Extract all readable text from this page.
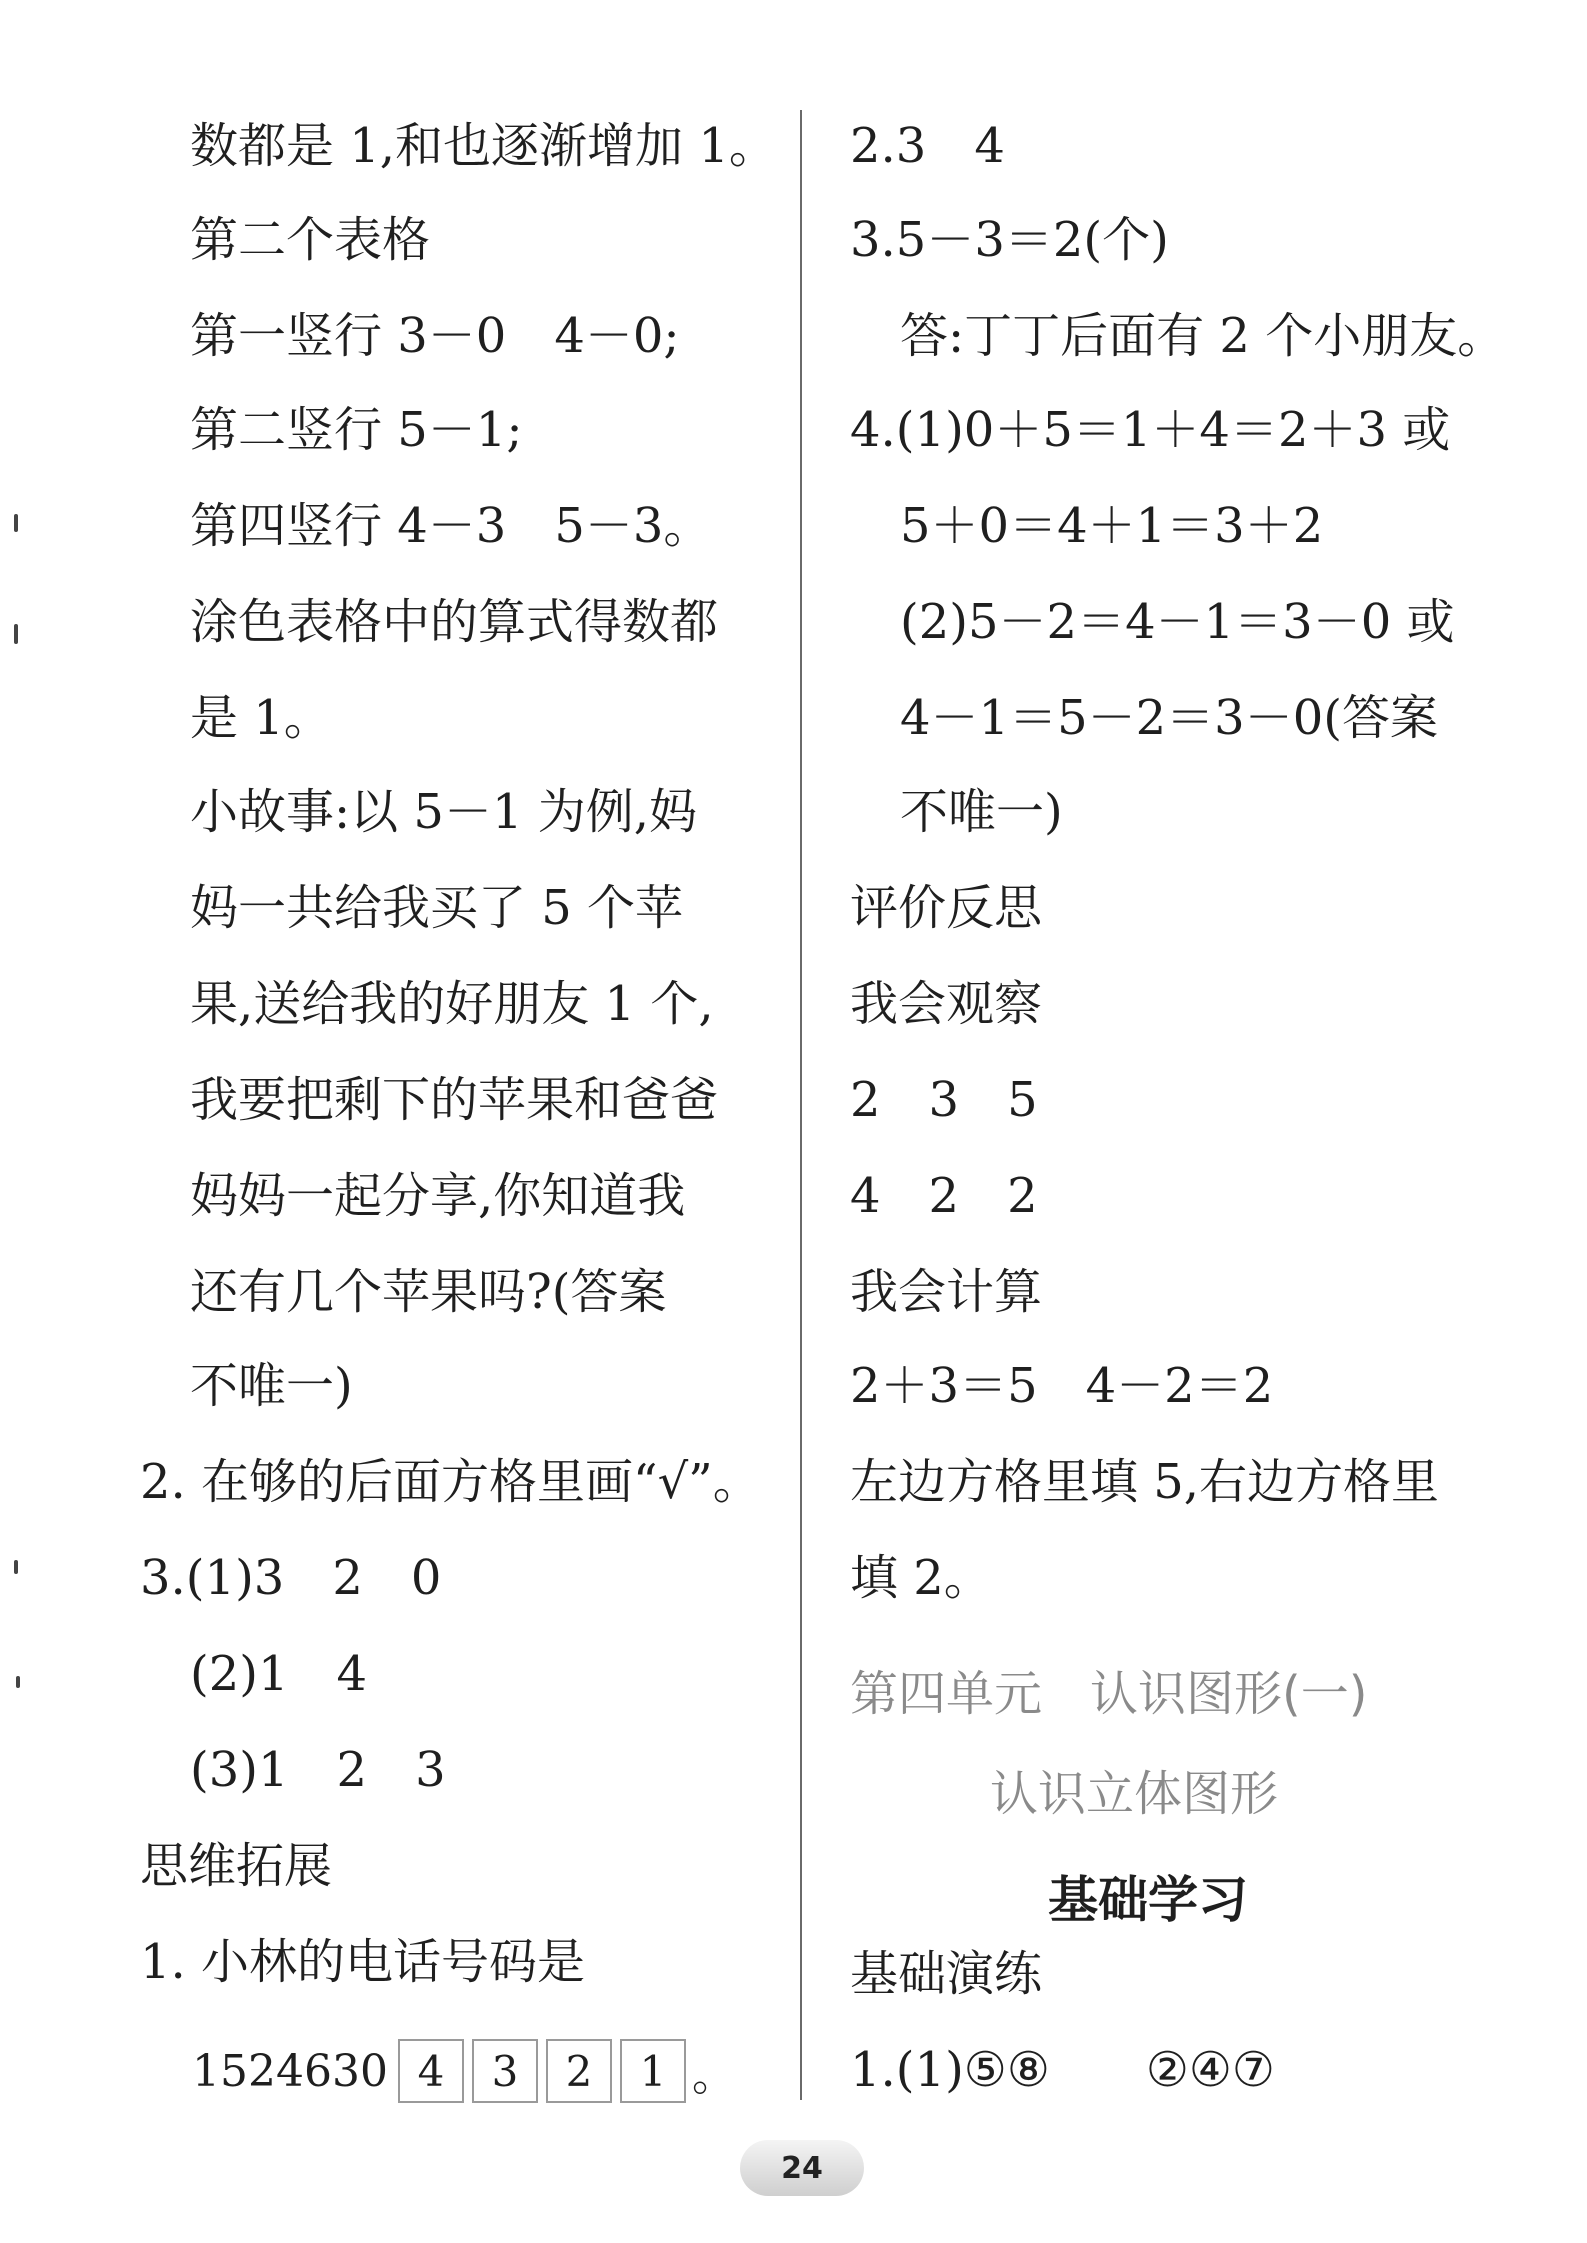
数都是 1,和也逐渐增加 1。
第二个表格
第一竖行 3－0　4－0;
第二竖行 5－1;
第四竖行 4－3　5－3。
涂色表格中的算式得数都
是 1。
小故事:以 5－1 为例,妈
妈一共给我买了 5 个苹
果,送给我的好朋友 1 个,
我要把剩下的苹果和爸爸
妈妈一起分享,你知道我
还有几个苹果吗?(答案
不唯一)
2. 在够的后面方格里画“√”。
3.(1)3　2　0
(2)1　4
(3)1　2　3
思维拓展
1. 小林的电话号码是
1524630 4	3	2	1 。
2.3　4
3.5－3＝2(个)
答:丁丁后面有 2 个小朋友。
4.(1)0＋5＝1＋4＝2＋3 或
5＋0＝4＋1＝3＋2
(2)5－2＝4－1＝3－0 或
4－1＝5－2＝3－0(答案
不唯一)
评价反思
我会观察
2　3　5
4　2　2
我会计算
2＋3＝5　4－2＝2
左边方格里填 5,右边方格里
填 2。
第四单元　认识图形(一)
认识立体图形
基础学习
基础演练
1.(1)⑤⑧　　②④⑦
24
